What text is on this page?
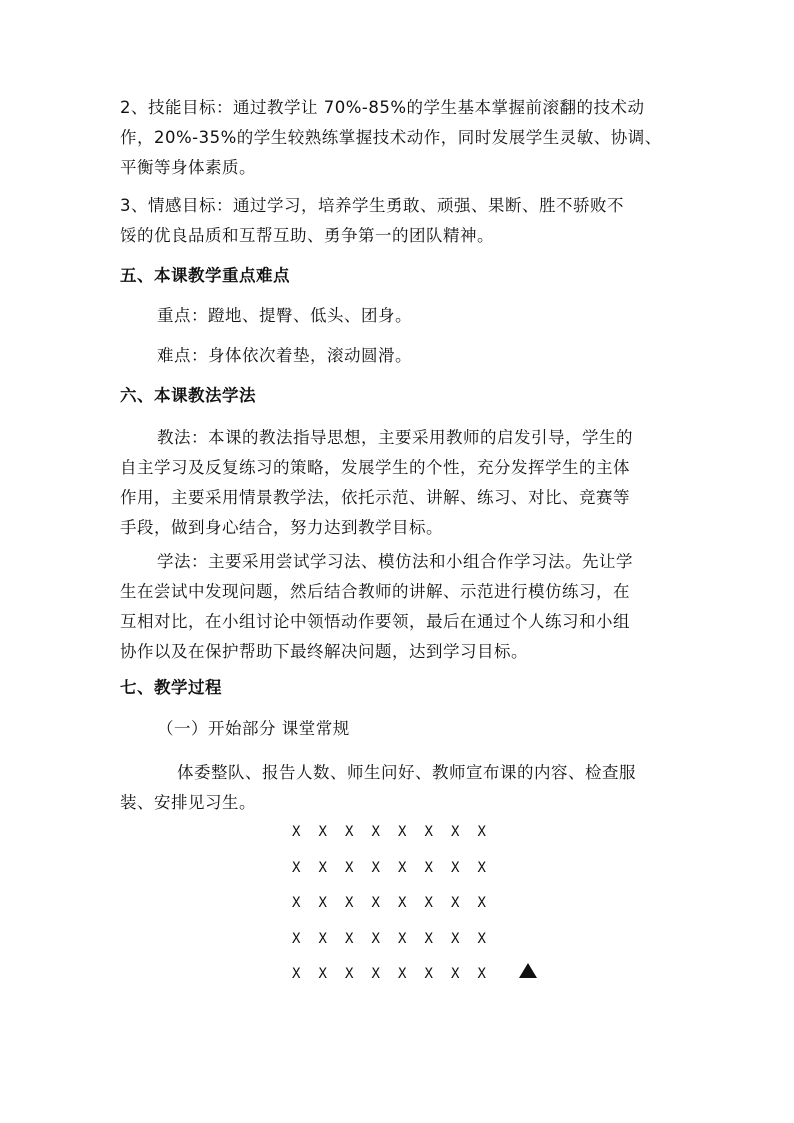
2、技能目标：通过教学让 70%-85%的学生基本掌握前滚翻的技术动
作，20%-35%的学生较熟练掌握技术动作，同时发展学生灵敏、协调、
平衡等身体素质。

3、情感目标：通过学习，培养学生勇敢、顽强、果断、胜不骄败不
馁的优良品质和互帮互助、勇争第一的团队精神。

五、本课教学重点难点

重点：蹬地、提臀、低头、团身。

难点：身体依次着垫，滚动圆滑。

六、本课教法学法

教法：本课的教法指导思想，主要采用教师的启发引导，学生的
自主学习及反复练习的策略，发展学生的个性，充分发挥学生的主体
作用，主要采用情景教学法，依托示范、讲解、练习、对比、竞赛等
手段，做到身心结合，努力达到教学目标。

学法：主要采用尝试学习法、模仿法和小组合作学习法。先让学
生在尝试中发现问题，然后结合教师的讲解、示范进行模仿练习，在
互相对比，在小组讨论中领悟动作要领，最后在通过个人练习和小组
协作以及在保护帮助下最终解决问题，达到学习目标。

七、教学过程

（一）开始部分 课堂常规

体委整队、报告人数、师生问好、教师宣布课的内容、检查服
装、安排见习生。

X X X X X X X X
X X X X X X X X
X X X X X X X X
X X X X X X X X
X X X X X X X X
